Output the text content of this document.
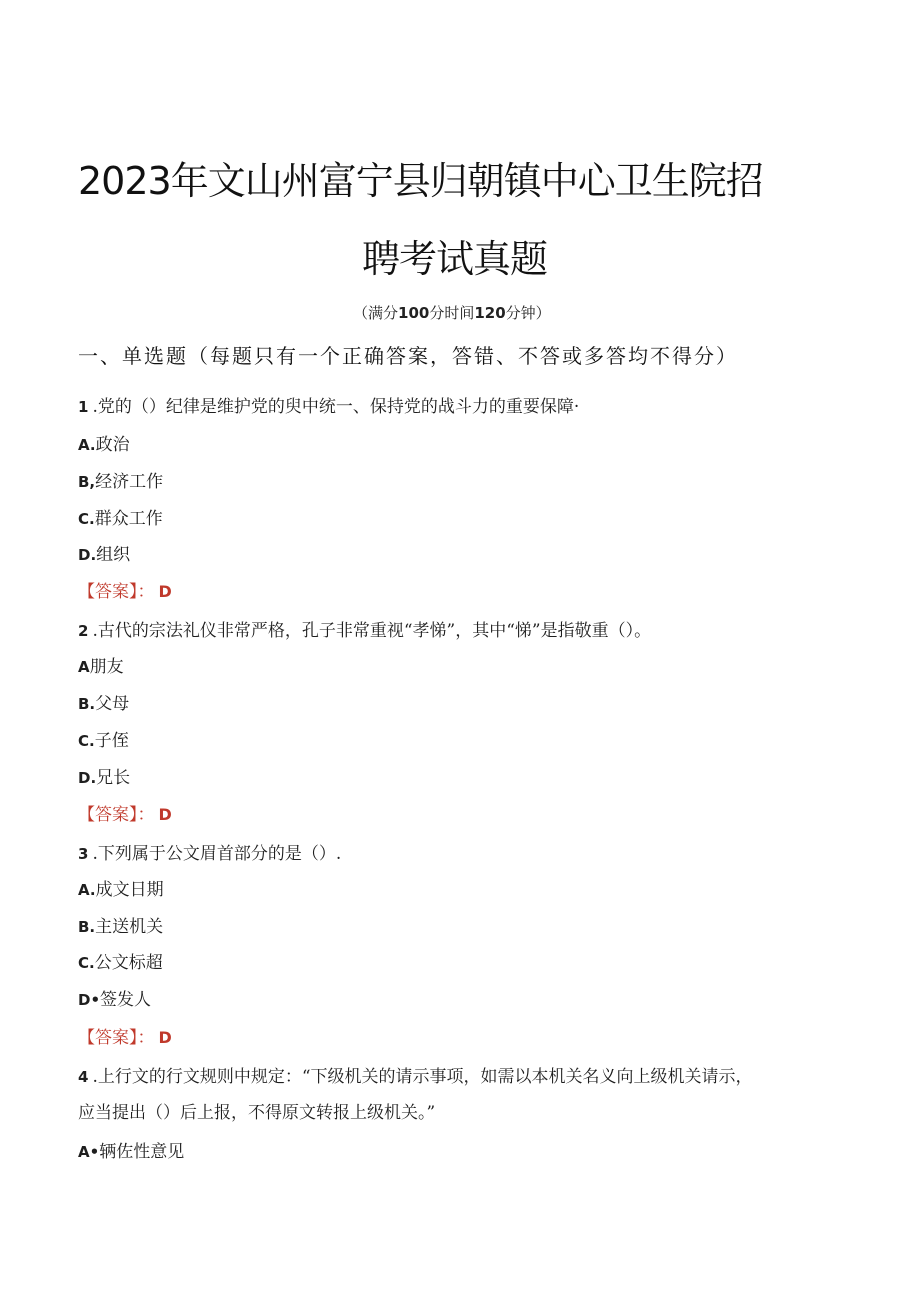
2023年文山州富宁县归朝镇中心卫生院招
聘考试真题
（满分100分时间120分钟）
一、单选题（每题只有一个正确答案，答错、不答或多答均不得分）
1 .党的（）纪律是维护党的臾中统一、保持党的战斗力的重要保障·
A.政治
B,经济工作
C.群众工作
D.组织
【答案】： D
2 .古代的宗法礼仪非常严格，孔子非常重视“孝悌”，其中“悌”是指敬重（）。
A朋友
B.父母
C.子侄
D.兄长
【答案】： D
3 .下列属于公文眉首部分的是（）.
A.成文日期
B.主送机关
C.公文标超
D•签发人
【答案】： D
4 .上行文的行文规则中规定：“下级机关的请示事项，如需以本机关名义向上级机关请示，
应当提出（）后上报，不得原文转报上级机关。”
A•辆佐性意见
